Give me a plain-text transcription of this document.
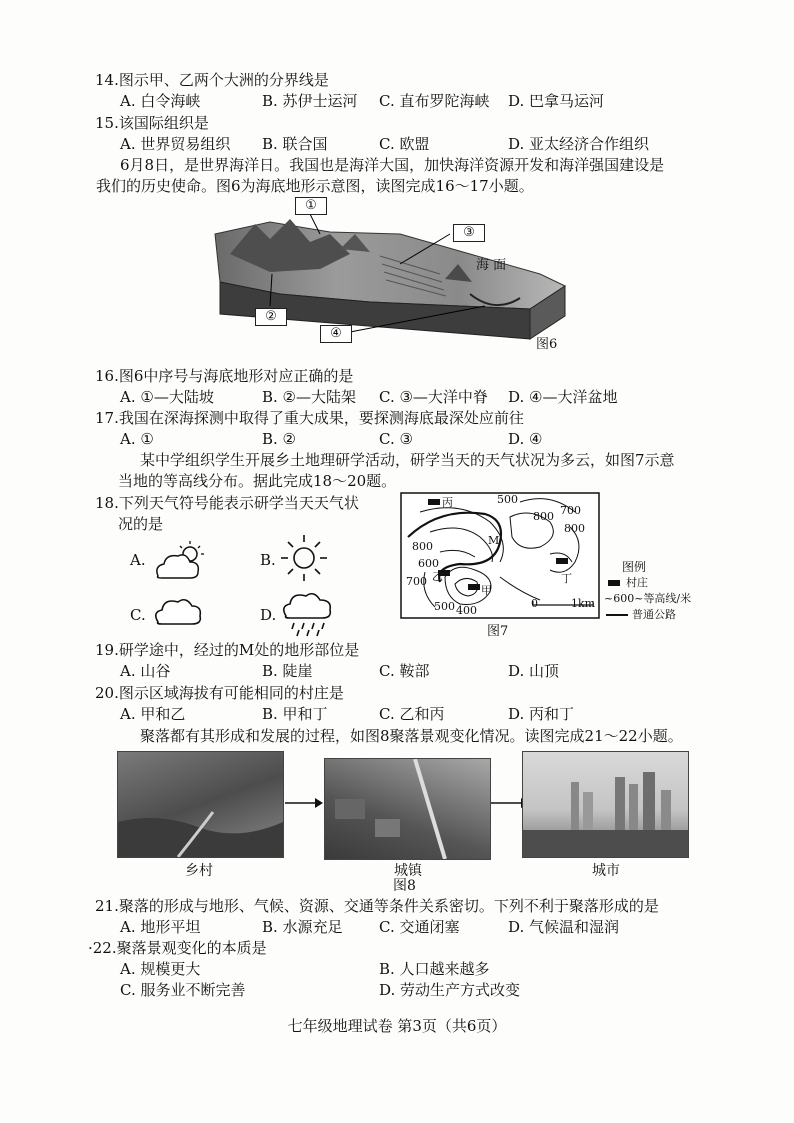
14.图示甲、乙两个大洲的分界线是
A. 白令海峡	B. 苏伊士运河 C. 直布罗陀海峡 D. 巴拿马运河
15.该国际组织是
A. 世界贸易组织 B. 联合国	C. 欧盟	D. 亚太经济合作组织
6月8日，是世界海洋日。我国也是海洋大国，加快海洋资源开发和海洋强国建设是
我们的历史使命。图6为海底地形示意图，读图完成16～17小题。
①
②
③
④
海 面
图6
16.图6中序号与海底地形对应正确的是
A. ①—大陆坡	B. ②—大陆架 C. ③—大洋中脊 D. ④—大洋盆地
17.我国在深海探测中取得了重大成果，要探测海底最深处应前往
A. ①	B. ②	C. ③	D. ④
某中学组织学生开展乡土地理研学活动，研学当天的天气状况为多云，如图7示意
当地的等高线分布。据此完成18～20题。
18.下列天气符号能表示研学当天天气状
况的是
A.	B.
C.	D.
丙	500
800 700
800
800
M
600
乙
700
甲
丁
500 400
0	1km
图7
图例
村庄
~600~等高线/米
普通公路
19.研学途中，经过的M处的地形部位是
A. 山谷	B. 陡崖	C. 鞍部	D. 山顶
20.图示区域海拔有可能相同的村庄是
A. 甲和乙	B. 甲和丁	C. 乙和丙	D. 丙和丁
聚落都有其形成和发展的过程，如图8聚落景观变化情况。读图完成21～22小题。
乡村	城镇	城市
图8
21.聚落的形成与地形、气候、资源、交通等条件关系密切。下列不利于聚落形成的是
A. 地形平坦	B. 水源充足 C. 交通闭塞	D. 气候温和湿润
·22.聚落景观变化的本质是
A. 规模更大	B. 人口越来越多
C. 服务业不断完善	D. 劳动生产方式改变
七年级地理试卷 第3页（共6页）
